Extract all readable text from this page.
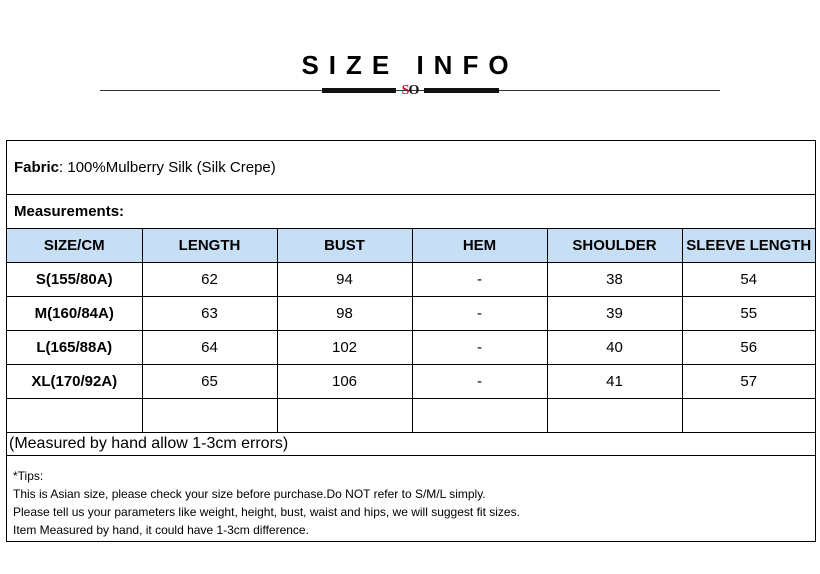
SIZE INFO
SO
Fabric: 100%Mulberry Silk (Silk Crepe)
Measurements:
SIZE/CM	LENGTH	BUST	HEM	SHOULDER	SLEEVE LENGTH
S(155/80A)	62	94	-	38	54
M(160/84A)	63	98	-	39	55
L(165/88A)	64	102	-	40	56
XL(170/92A)	65	106	-	41	57

(Measured by hand allow 1-3cm errors)
*Tips:
This is Asian size, please check your size before purchase.Do NOT refer to S/M/L simply.
Please tell us your parameters like weight, height, bust, waist and hips, we will suggest fit sizes.
Item Measured by hand, it could have 1-3cm difference.
